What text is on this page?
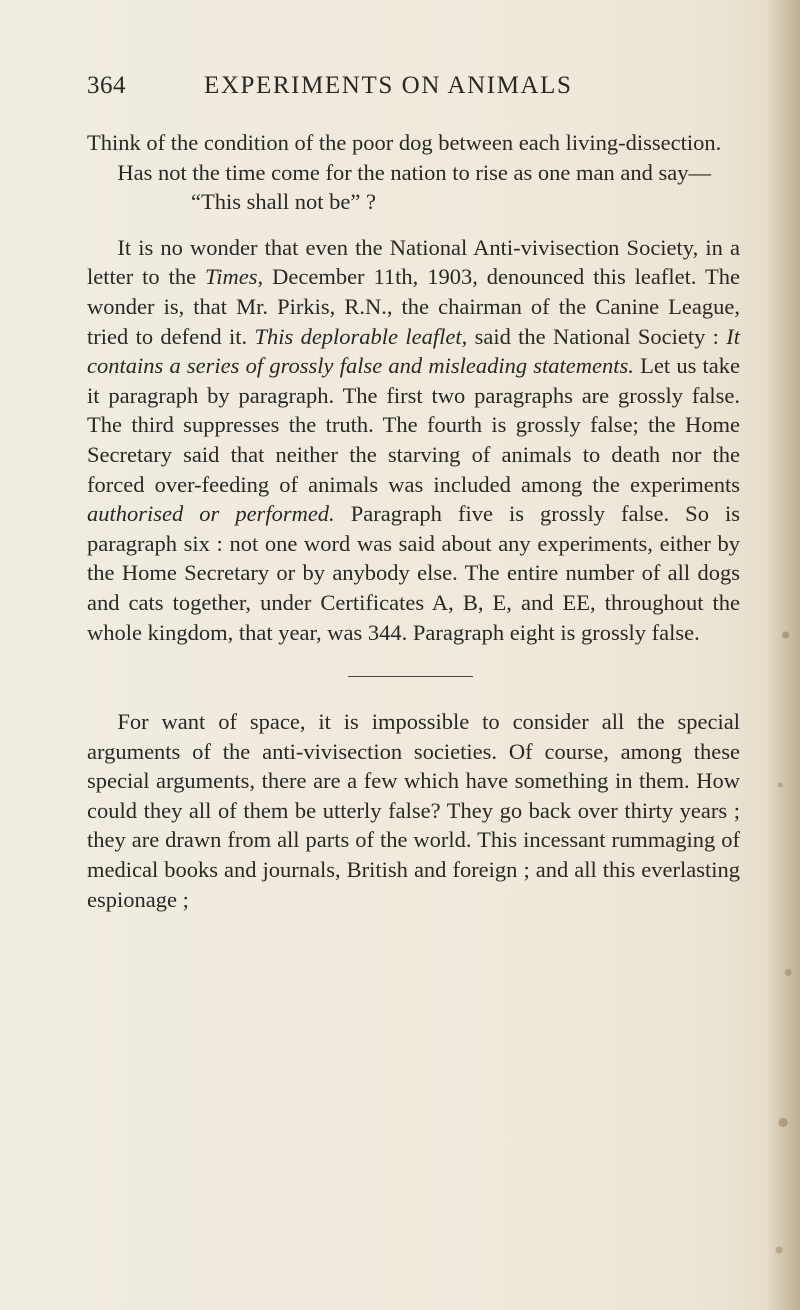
364	EXPERIMENTS ON ANIMALS

Think of the condition of the poor dog between each living-dissection.

Has not the time come for the nation to rise as one man and say—

“This shall not be” ?

It is no wonder that even the National Anti-vivisection Society, in a letter to the Times, December 11th, 1903, denounced this leaflet. The wonder is, that Mr. Pirkis, R.N., the chairman of the Canine League, tried to defend it. This deplorable leaflet, said the National Society : It contains a series of grossly false and misleading statements. Let us take it paragraph by paragraph. The first two paragraphs are grossly false. The third suppresses the truth. The fourth is grossly false; the Home Secretary said that neither the starving of animals to death nor the forced over-feeding of animals was included among the experiments authorised or performed. Paragraph five is grossly false. So is paragraph six : not one word was said about any experiments, either by the Home Secretary or by anybody else. The entire number of all dogs and cats together, under Certificates A, B, E, and EE, throughout the whole kingdom, that year, was 344. Paragraph eight is grossly false.

For want of space, it is impossible to consider all the special arguments of the anti-vivisection societies. Of course, among these special arguments, there are a few which have something in them. How could they all of them be utterly false? They go back over thirty years ; they are drawn from all parts of the world. This incessant rummaging of medical books and journals, British and foreign ; and all this everlasting espionage ;
